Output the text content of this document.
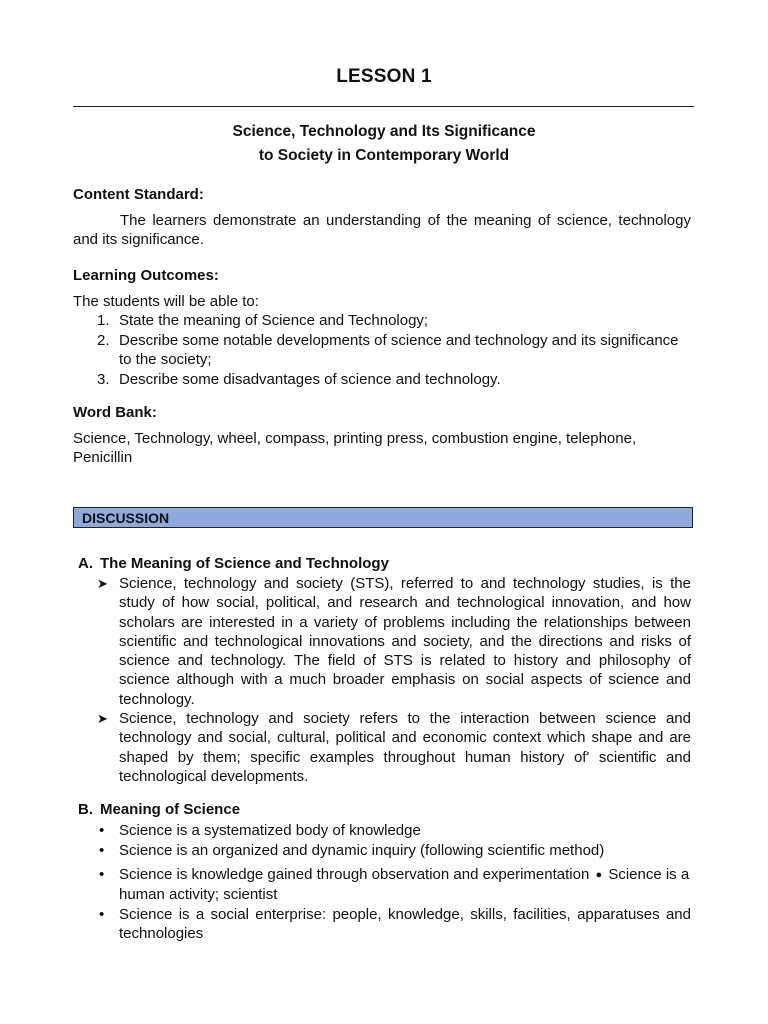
LESSON 1
Science, Technology and Its Significance
to Society in Contemporary World
Content Standard:
The learners demonstrate an understanding of the meaning of science, technology and its significance.
Learning Outcomes:
The students will be able to:
1. State the meaning of Science and Technology;
2. Describe some notable developments of science and technology and its significance to the society;
3. Describe some disadvantages of science and technology.
Word Bank:
Science, Technology, wheel, compass, printing press, combustion engine, telephone, Penicillin
DISCUSSION
A. The Meaning of Science and Technology
➤ Science, technology and society (STS), referred to and technology studies, is the study of how social, political, and research and technological innovation, and how scholars are interested in a variety of problems including the relationships between scientific and technological innovations and society, and the directions and risks of science and technology. The field of STS is related to history and philosophy of science although with a much broader emphasis on social aspects of science and technology.
➤ Science, technology and society refers to the interaction between science and technology and social, cultural, political and economic context which shape and are shaped by them; specific examples throughout human history of' scientific and technological developments.
B. Meaning of Science
• Science is a systematized body of knowledge
• Science is an organized and dynamic inquiry (following scientific method)
• Science is knowledge gained through observation and experimentation ● Science is a human activity; scientist
• Science is a social enterprise: people, knowledge, skills, facilities, apparatuses and technologies
